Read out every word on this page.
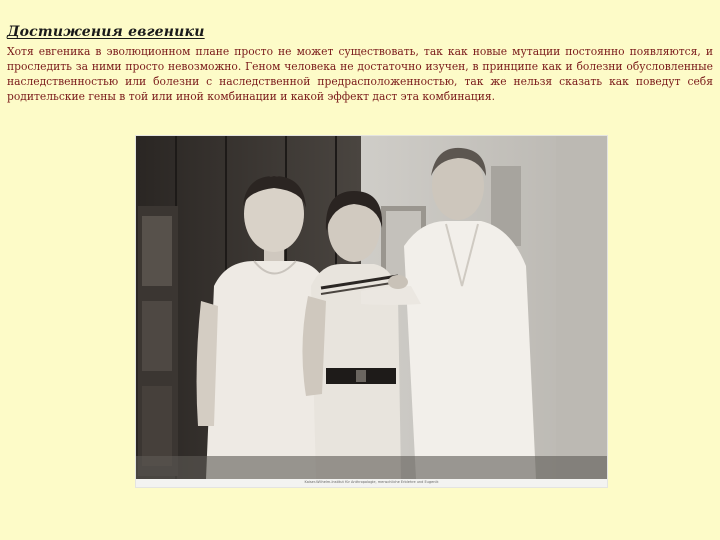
Достижения евгеники

Хотя евгеника в эволюционном плане просто не может существовать, так как новые мутации постоянно появляются, и проследить за ними просто невозможно. Геном человека не достаточно изучен, в принципе как и болезни обусловленные наследственностью или болезни с наследственной предрасположенностью, так же нельзя сказать как поведут себя родительские гены в той или иной комбинации и какой эффект даст эта комбинация.

Kaiser-Wilhelm-Institut für Anthropologie, menschliche Erblehre und Eugenik
